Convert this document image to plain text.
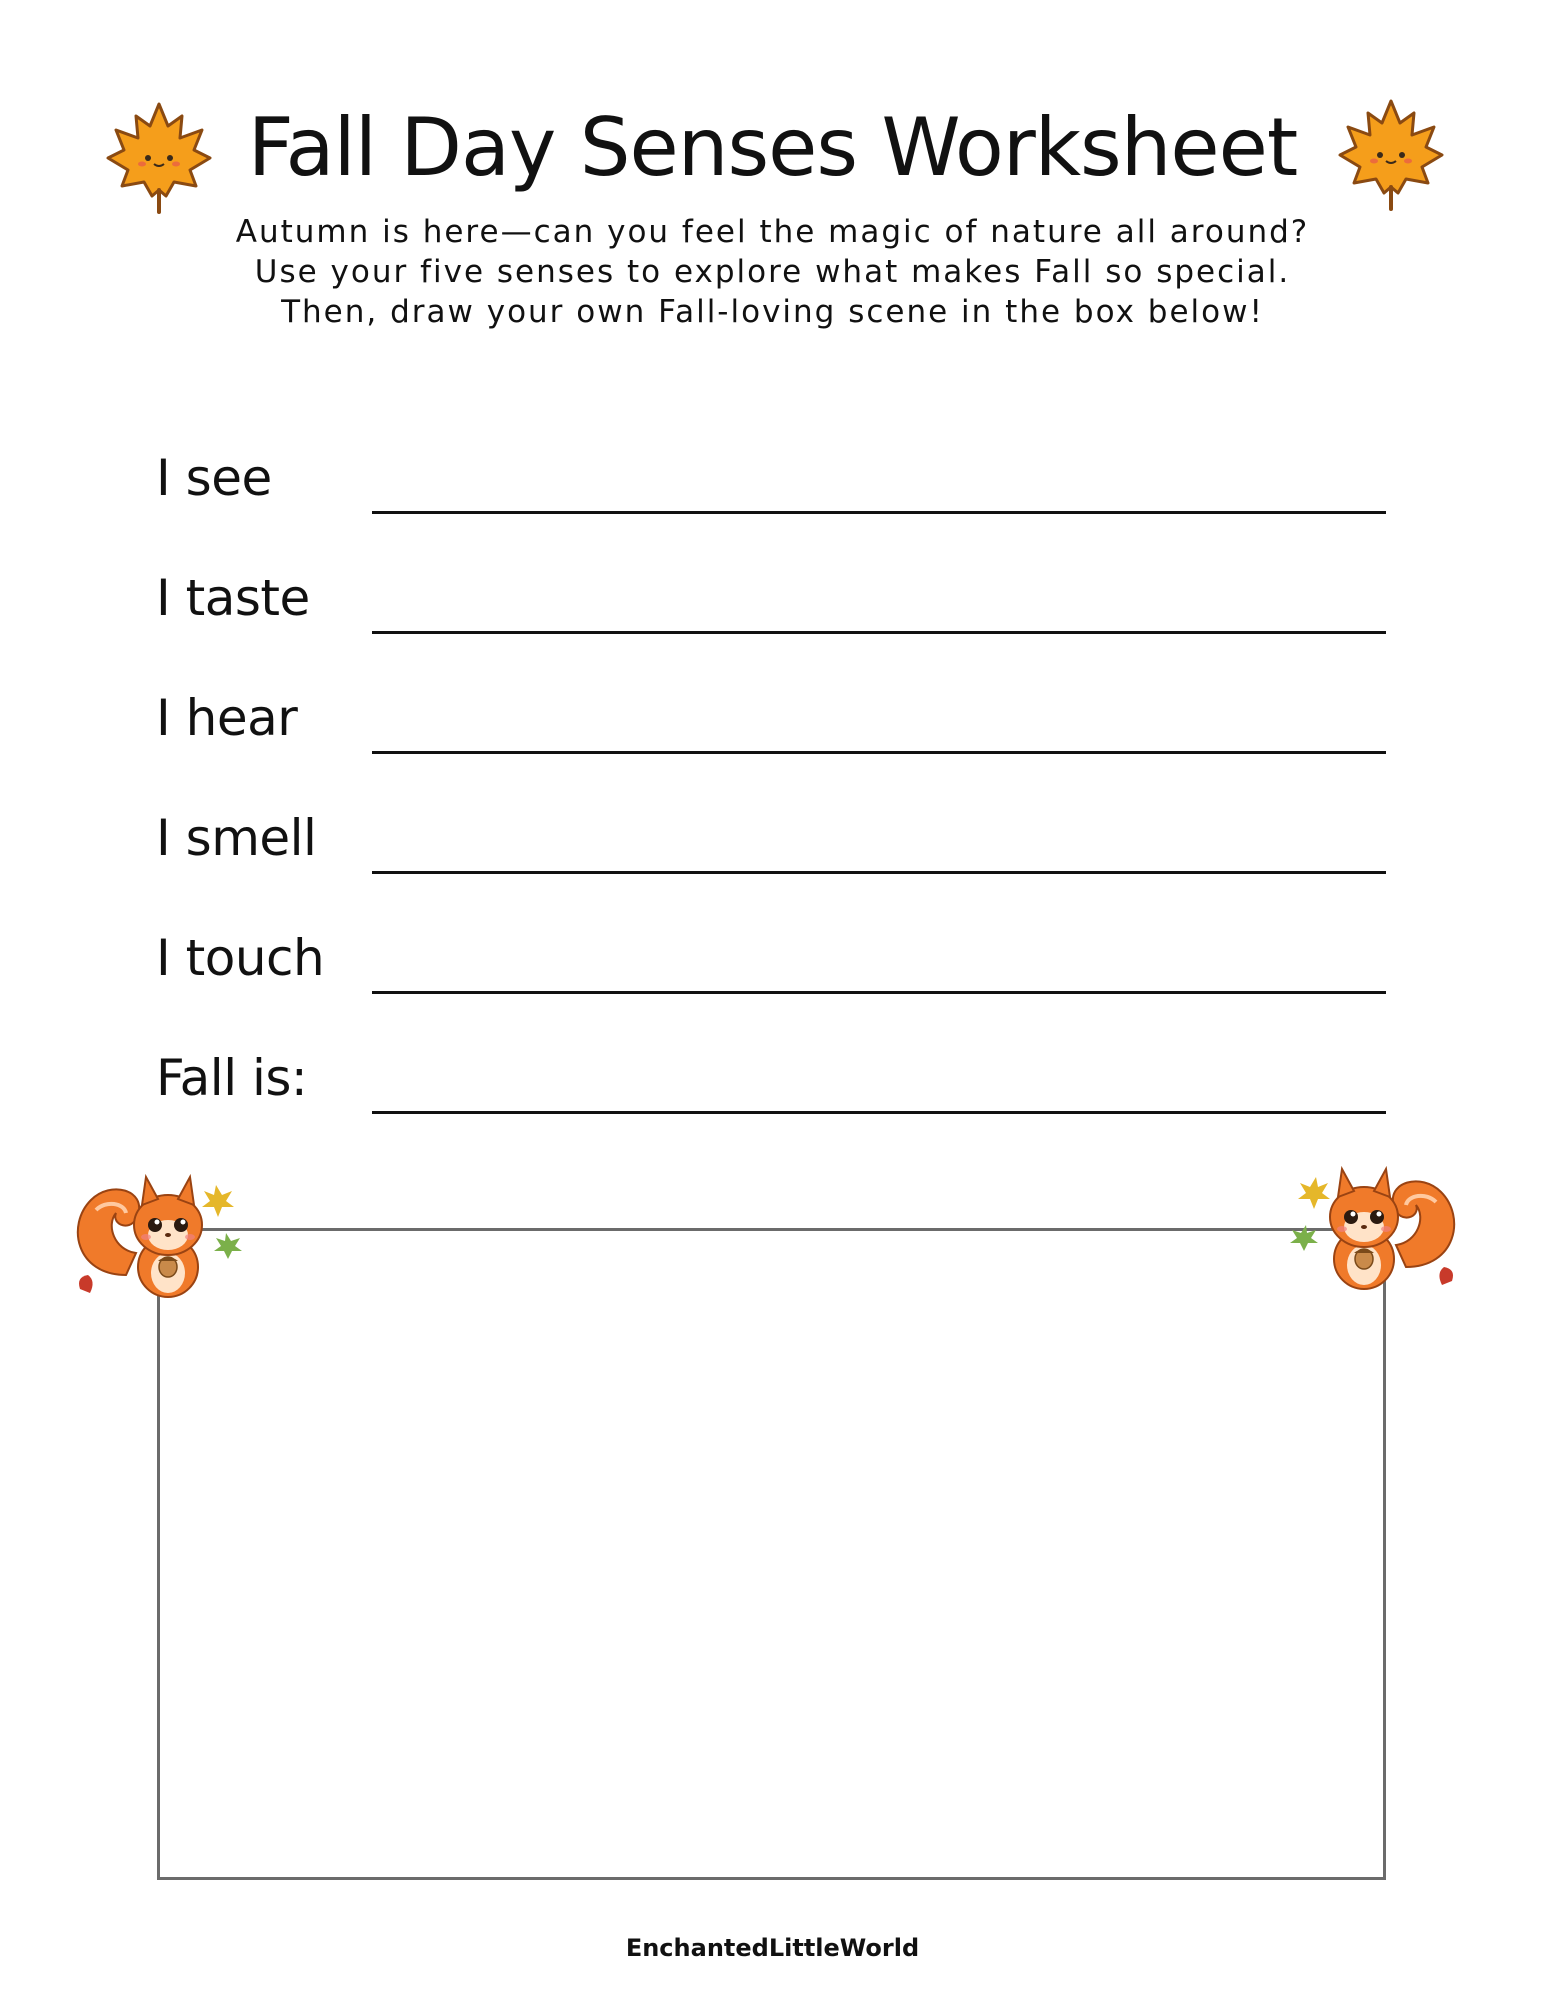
Fall Day Senses Worksheet
Autumn is here—can you feel the magic of nature all around?
Use your five senses to explore what makes Fall so special.
Then, draw your own Fall-loving scene in the box below!
I see
I taste
I hear
I smell
I touch
Fall is:
EnchantedLittleWorld
